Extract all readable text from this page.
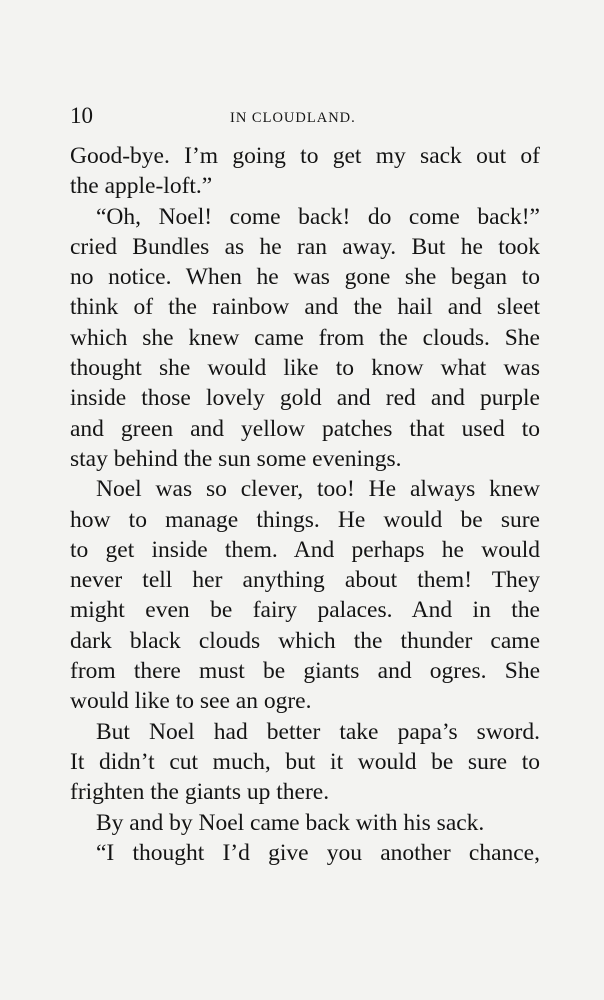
10	IN CLOUDLAND.
Good-bye. I’m going to get my sack out of
the apple-loft.”
“Oh, Noel! come back! do come back!”
cried Bundles as he ran away. But he took
no notice. When he was gone she began to
think of the rainbow and the hail and sleet
which she knew came from the clouds. She
thought she would like to know what was
inside those lovely gold and red and purple
and green and yellow patches that used to
stay behind the sun some evenings.
Noel was so clever, too! He always knew
how to manage things. He would be sure
to get inside them. And perhaps he would
never tell her anything about them! They
might even be fairy palaces. And in the
dark black clouds which the thunder came
from there must be giants and ogres. She
would like to see an ogre.
But Noel had better take papa’s sword.
It didn’t cut much, but it would be sure to
frighten the giants up there.
By and by Noel came back with his sack.
“I thought I’d give you another chance,
